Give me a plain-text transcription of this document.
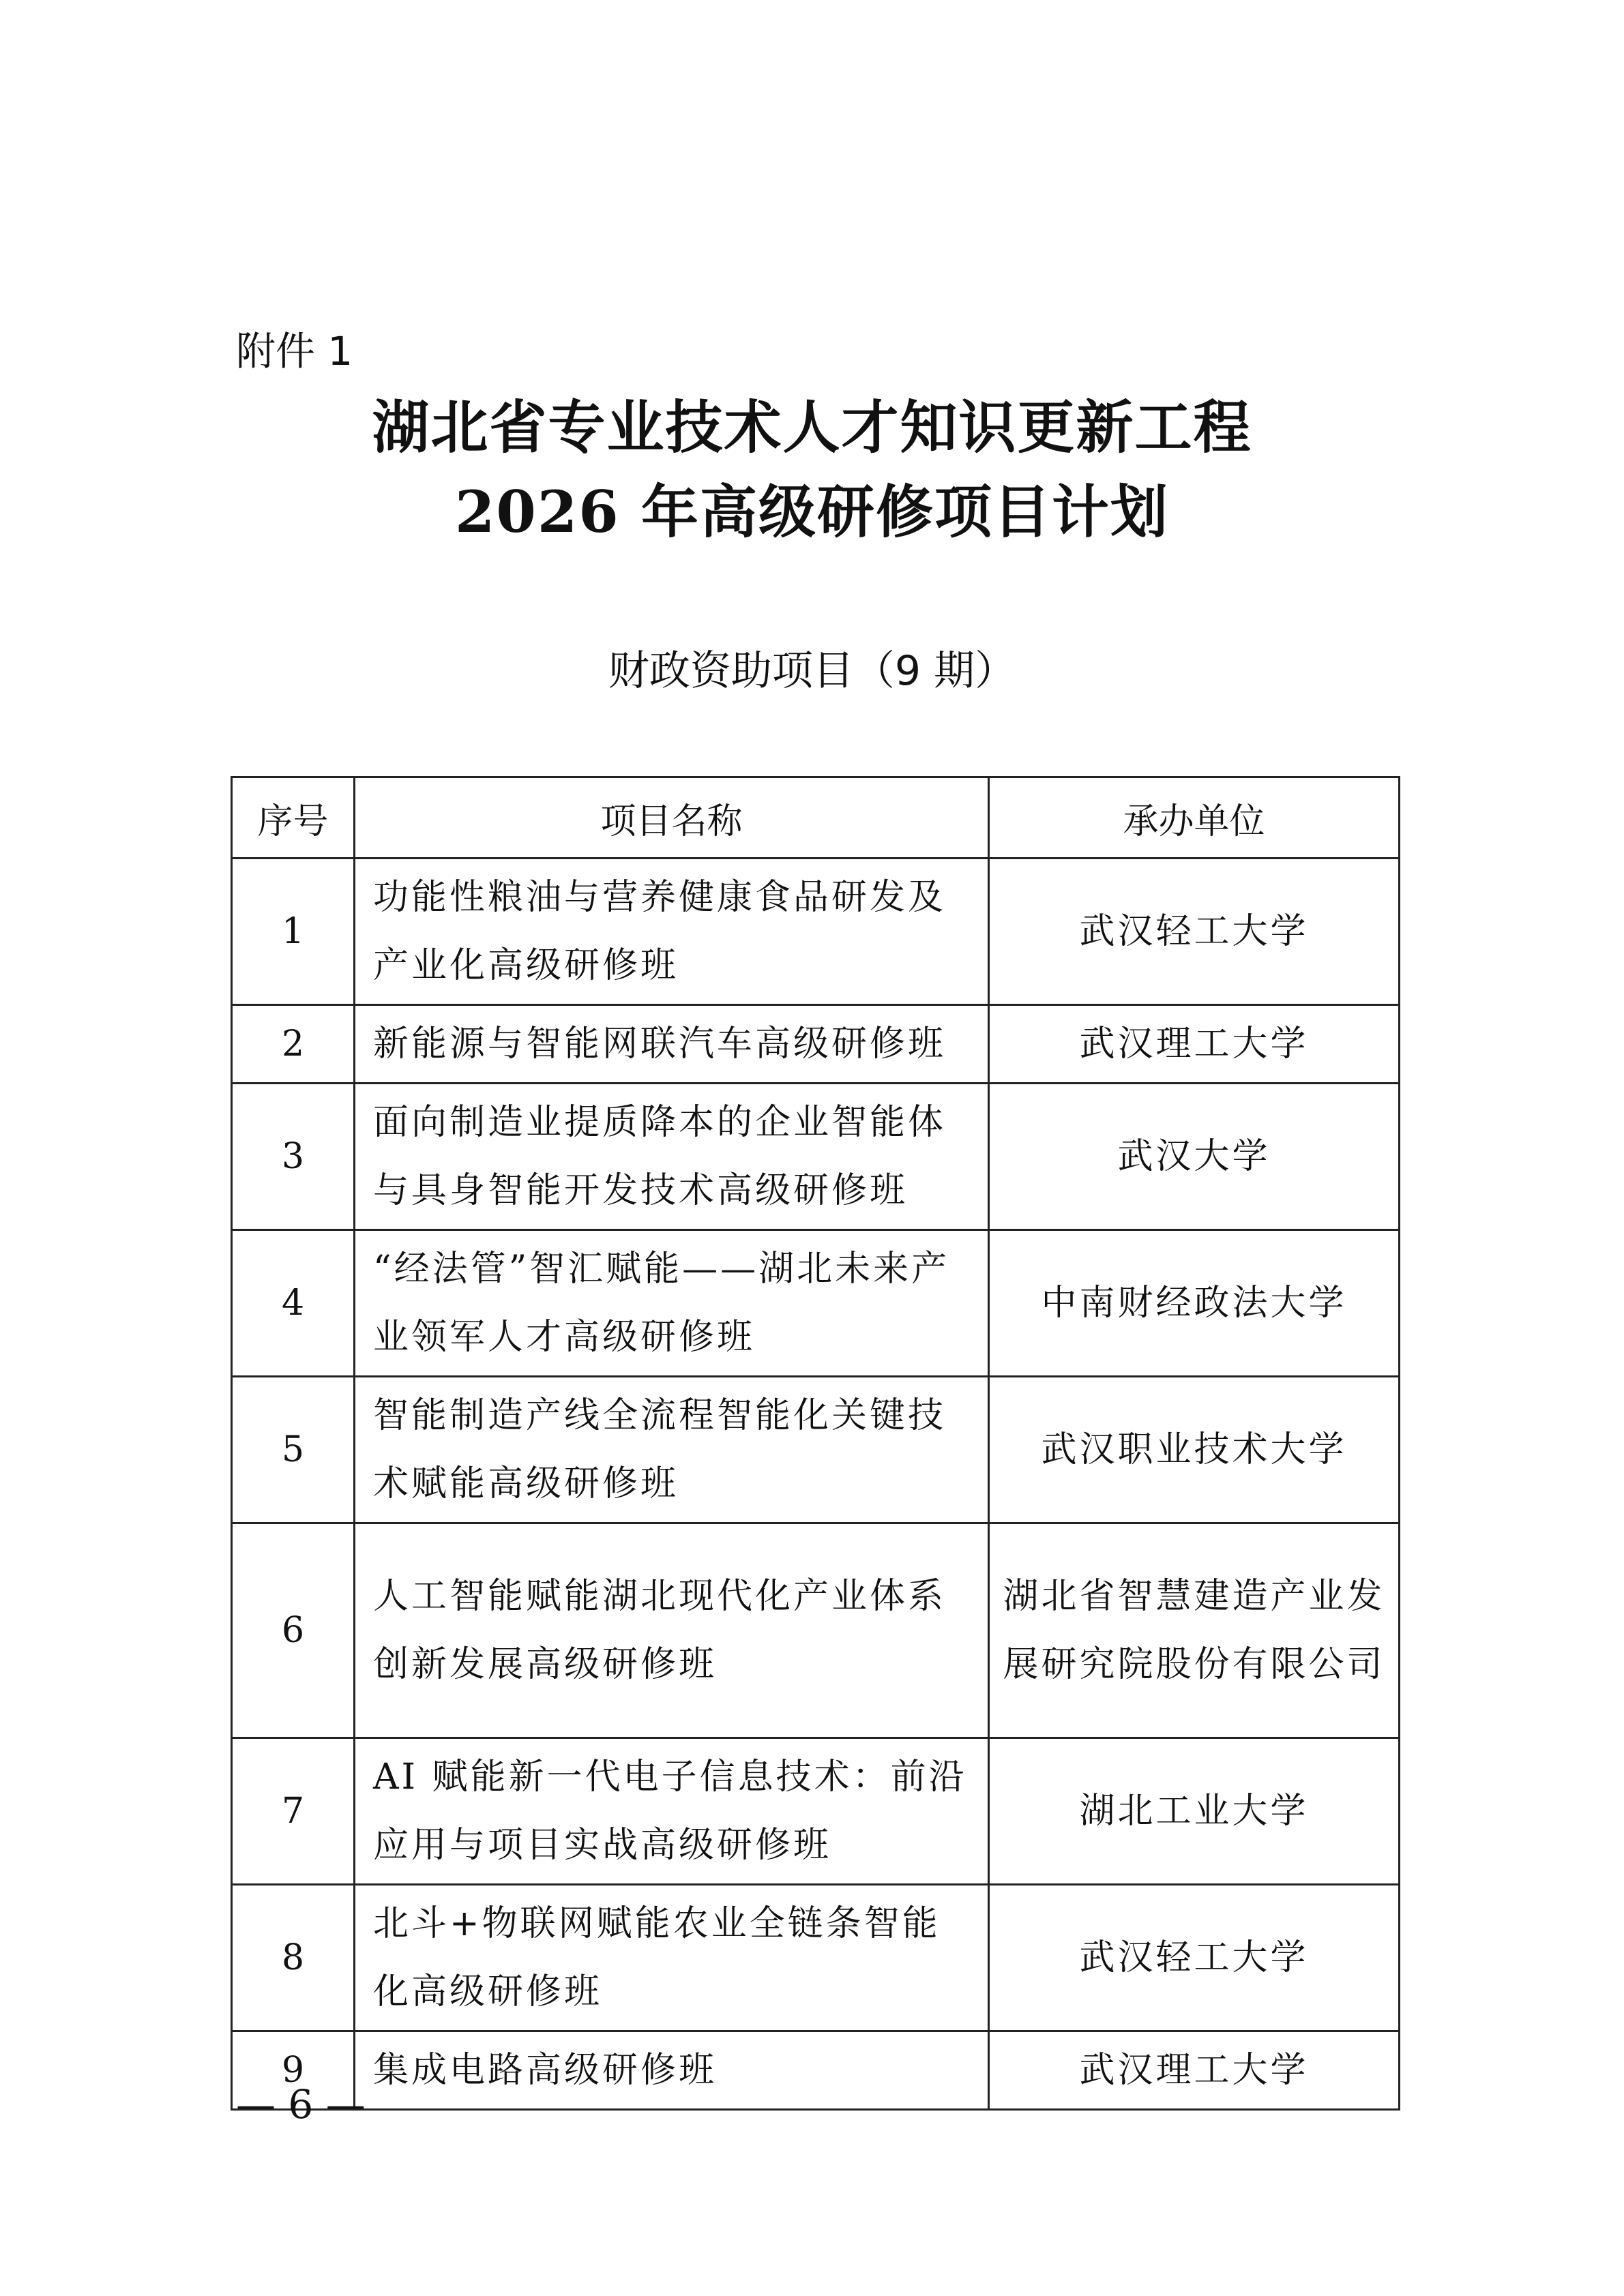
附件 1
湖北省专业技术人才知识更新工程
2026 年高级研修项目计划
财政资助项目（9 期）
序号	项目名称	承办单位
1	功能性粮油与营养健康食品研发及产业化高级研修班	武汉轻工大学
2	新能源与智能网联汽车高级研修班	武汉理工大学
3	面向制造业提质降本的企业智能体与具身智能开发技术高级研修班	武汉大学
4	“经法管”智汇赋能——湖北未来产业领军人才高级研修班	中南财经政法大学
5	智能制造产线全流程智能化关键技术赋能高级研修班	武汉职业技术大学
6	人工智能赋能湖北现代化产业体系创新发展高级研修班	湖北省智慧建造产业发展研究院股份有限公司
7	AI 赋能新一代电子信息技术：前沿应用与项目实战高级研修班	湖北工业大学
8	北斗+物联网赋能农业全链条智能化高级研修班	武汉轻工大学
9	集成电路高级研修班	武汉理工大学
— 6 —
